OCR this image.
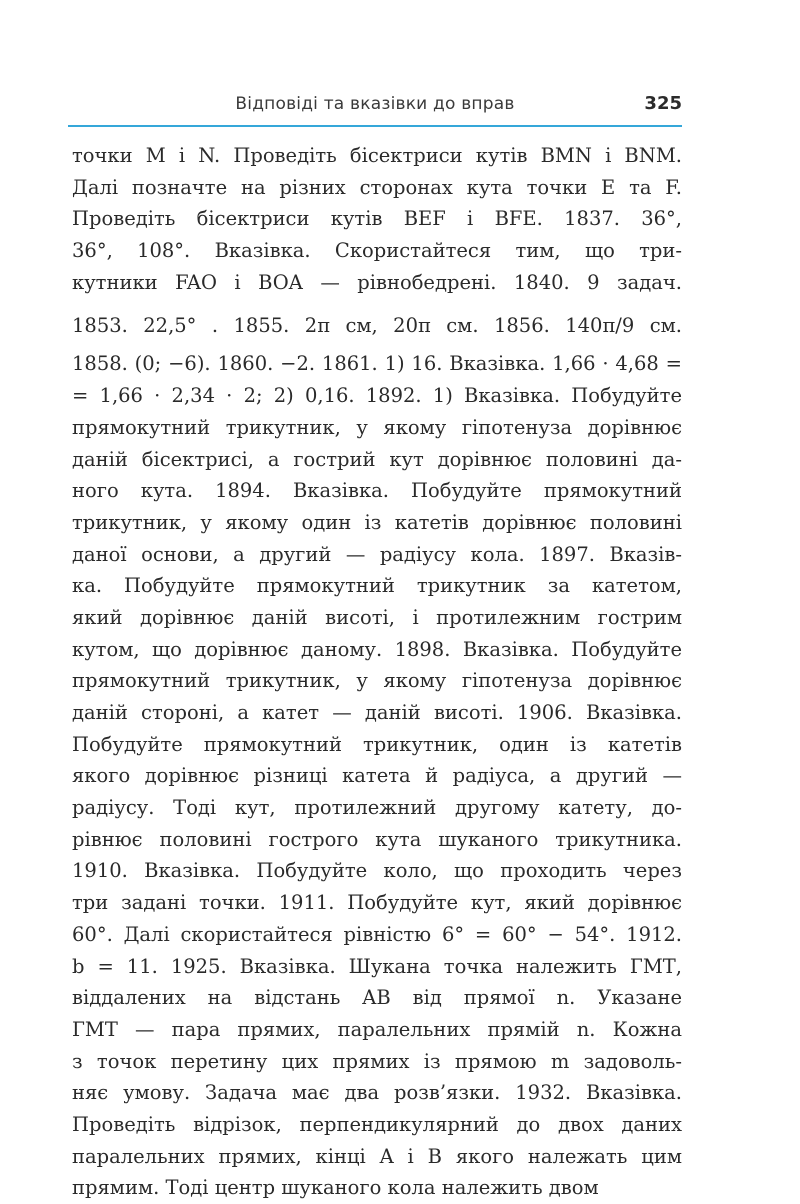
Відповіді та вказівки до вправ	325
точки M і N. Проведіть бісектриси кутів BMN і BNM.
Далі позначте на різних сторонах кута точки E та F.
Проведіть бісектриси кутів BEF і BFE. 1837. 36°,
36°, 108°. Вказівка. Скористайтеся тим, що три-
кутники FAO і BOA — рівнобедрені. 1840. 9 задач.
1853. 22,5° . 1855. 2π см, 20π см. 1856. 140π/9 см.
1858. (0; −6). 1860. −2. 1861. 1) 16. Вказівка. 1,66 · 4,68 =
= 1,66 · 2,34 · 2; 2) 0,16. 1892. 1) Вказівка. Побудуйте
прямокутний трикутник, у якому гіпотенуза дорівнює
даній бісектрисі, а гострий кут дорівнює половині да-
ного кута. 1894. Вказівка. Побудуйте прямокутний
трикутник, у якому один із катетів дорівнює половині
даної основи, а другий — радіусу кола. 1897. Вказів-
ка. Побудуйте прямокутний трикутник за катетом,
який дорівнює даній висоті, і протилежним гострим
кутом, що дорівнює даному. 1898. Вказівка. Побудуйте
прямокутний трикутник, у якому гіпотенуза дорівнює
даній стороні, а катет — даній висоті. 1906. Вказівка.
Побудуйте прямокутний трикутник, один із катетів
якого дорівнює різниці катета й радіуса, а другий —
радіусу. Тоді кут, протилежний другому катету, до-
рівнює половині гострого кута шуканого трикутника.
1910. Вказівка. Побудуйте коло, що проходить через
три задані точки. 1911. Побудуйте кут, який дорівнює
60°. Далі скористайтеся рівністю 6° = 60° − 54°. 1912.
b = 11. 1925. Вказівка. Шукана точка належить ГМТ,
віддалених на відстань AB від прямої n. Указане
ГМТ — пара прямих, паралельних прямій n. Кожна
з точок перетину цих прямих із прямою m задоволь-
няє умову. Задача має два розв’язки. 1932. Вказівка.
Проведіть відрізок, перпендикулярний до двох даних
паралельних прямих, кінці A і B якого належать цим
прямим. Тоді центр шуканого кола належить двом
